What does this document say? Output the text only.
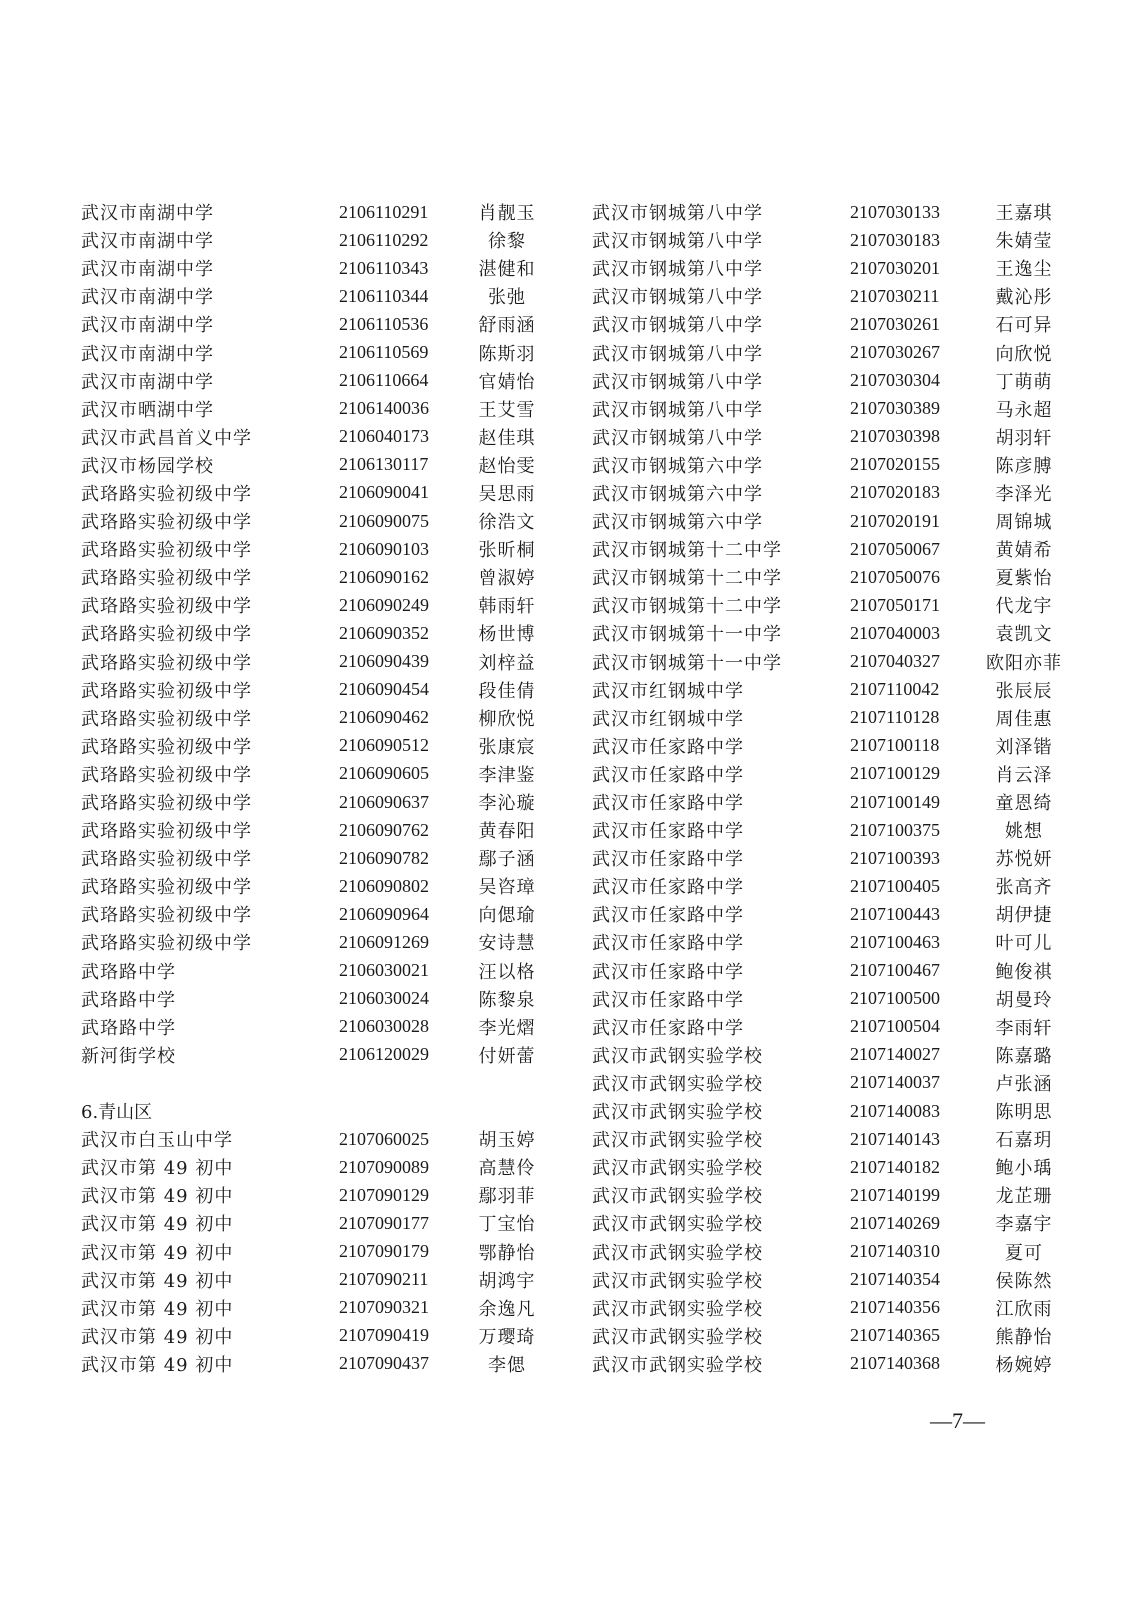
武汉市南湖中学	2106110291	肖靓玉
武汉市南湖中学	2106110292	徐黎
武汉市南湖中学	2106110343	湛健和
武汉市南湖中学	2106110344	张弛
武汉市南湖中学	2106110536	舒雨涵
武汉市南湖中学	2106110569	陈斯羽
武汉市南湖中学	2106110664	官婧怡
武汉市晒湖中学	2106140036	王艾雪
武汉市武昌首义中学	2106040173	赵佳琪
武汉市杨园学校	2106130117	赵怡雯
武珞路实验初级中学	2106090041	吴思雨
武珞路实验初级中学	2106090075	徐浩文
武珞路实验初级中学	2106090103	张昕桐
武珞路实验初级中学	2106090162	曾淑婷
武珞路实验初级中学	2106090249	韩雨轩
武珞路实验初级中学	2106090352	杨世博
武珞路实验初级中学	2106090439	刘梓益
武珞路实验初级中学	2106090454	段佳倩
武珞路实验初级中学	2106090462	柳欣悦
武珞路实验初级中学	2106090512	张康宸
武珞路实验初级中学	2106090605	李津鉴
武珞路实验初级中学	2106090637	李沁璇
武珞路实验初级中学	2106090762	黄春阳
武珞路实验初级中学	2106090782	鄢子涵
武珞路实验初级中学	2106090802	吴咨璋
武珞路实验初级中学	2106090964	向偲瑜
武珞路实验初级中学	2106091269	安诗慧
武珞路中学	2106030021	汪以格
武珞路中学	2106030024	陈黎泉
武珞路中学	2106030028	李光熠
新河街学校	2106120029	付妍蕾
6.青山区
武汉市白玉山中学	2107060025	胡玉婷
武汉市第 49 初中	2107090089	高慧伶
武汉市第 49 初中	2107090129	鄢羽菲
武汉市第 49 初中	2107090177	丁宝怡
武汉市第 49 初中	2107090179	鄂静怡
武汉市第 49 初中	2107090211	胡鸿宇
武汉市第 49 初中	2107090321	余逸凡
武汉市第 49 初中	2107090419	万璎琦
武汉市第 49 初中	2107090437	李偲
武汉市钢城第八中学	2107030133	王嘉琪
武汉市钢城第八中学	2107030183	朱婧莹
武汉市钢城第八中学	2107030201	王逸尘
武汉市钢城第八中学	2107030211	戴沁彤
武汉市钢城第八中学	2107030261	石可异
武汉市钢城第八中学	2107030267	向欣悦
武汉市钢城第八中学	2107030304	丁萌萌
武汉市钢城第八中学	2107030389	马永超
武汉市钢城第八中学	2107030398	胡羽轩
武汉市钢城第六中学	2107020155	陈彦膊
武汉市钢城第六中学	2107020183	李泽光
武汉市钢城第六中学	2107020191	周锦城
武汉市钢城第十二中学	2107050067	黄婧希
武汉市钢城第十二中学	2107050076	夏紫怡
武汉市钢城第十二中学	2107050171	代龙宇
武汉市钢城第十一中学	2107040003	袁凯文
武汉市钢城第十一中学	2107040327	欧阳亦菲
武汉市红钢城中学	2107110042	张辰辰
武汉市红钢城中学	2107110128	周佳惠
武汉市任家路中学	2107100118	刘泽锴
武汉市任家路中学	2107100129	肖云泽
武汉市任家路中学	2107100149	童恩绮
武汉市任家路中学	2107100375	姚想
武汉市任家路中学	2107100393	苏悦妍
武汉市任家路中学	2107100405	张高齐
武汉市任家路中学	2107100443	胡伊捷
武汉市任家路中学	2107100463	叶可儿
武汉市任家路中学	2107100467	鲍俊祺
武汉市任家路中学	2107100500	胡曼玲
武汉市任家路中学	2107100504	李雨轩
武汉市武钢实验学校	2107140027	陈嘉璐
武汉市武钢实验学校	2107140037	卢张涵
武汉市武钢实验学校	2107140083	陈明思
武汉市武钢实验学校	2107140143	石嘉玥
武汉市武钢实验学校	2107140182	鲍小瑀
武汉市武钢实验学校	2107140199	龙芷珊
武汉市武钢实验学校	2107140269	李嘉宇
武汉市武钢实验学校	2107140310	夏可
武汉市武钢实验学校	2107140354	侯陈然
武汉市武钢实验学校	2107140356	江欣雨
武汉市武钢实验学校	2107140365	熊静怡
武汉市武钢实验学校	2107140368	杨婉婷
—7—
